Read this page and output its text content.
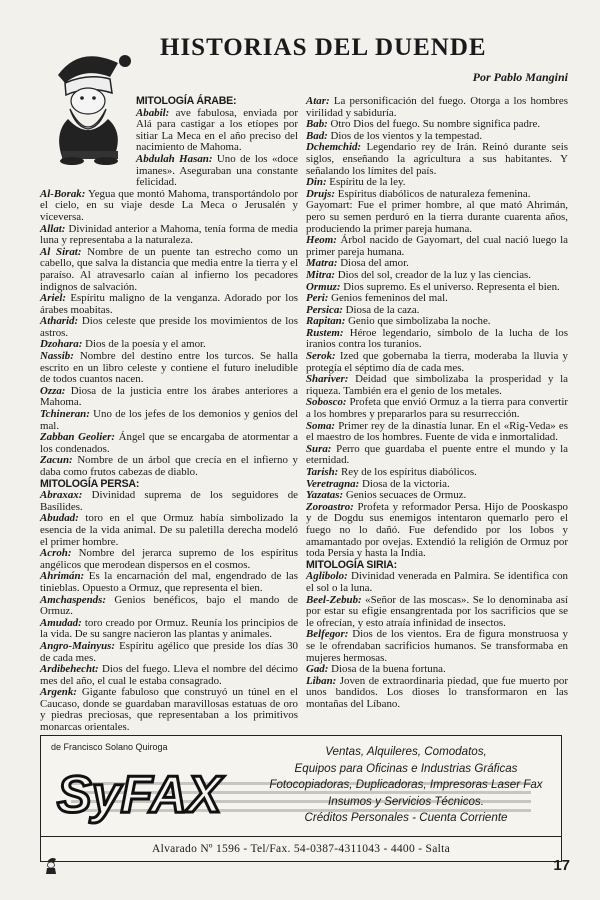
HISTORIAS DEL DUENDE
Por Pablo Mangini

MITOLOGÍA ÁRABE:

Ababil: ave fabulosa, enviada por Alá para castigar a los etíopes por sitiar La Meca en el año preciso del nacimiento de Mahoma.

Abdulah Hasan: Uno de los «doce imanes». Aseguraban una constante felicidad.

Al-Borak: Yegua que montó Mahoma, transportándolo por el cielo, en su viaje desde La Meca o Jerusalén y viceversa.

Allat: Divinidad anterior a Mahoma, tenía forma de media luna y representaba a la naturaleza.

Al Sirat: Nombre de un puente tan estrecho como un cabello, que salva la distancia que media entre la tierra y el paraíso. Al atravesarlo caían al infierno los pecadores indignos de salvación.

Ariel: Espíritu maligno de la venganza. Adorado por los árabes moabitas.

Atharid: Dios celeste que preside los movimientos de los astros.

Dzohara: Dios de la poesía y el amor.

Nassib: Nombre del destino entre los turcos. Se halla escrito en un libro celeste y contiene el futuro ineludible de todos cuantos nacen.

Ozza: Diosa de la justicia entre los árabes anteriores a Mahoma.

Tchineran: Uno de los jefes de los demonios y genios del mal.

Zabban Geolier: Ángel que se encargaba de atormentar a los condenados.

Zacun: Nombre de un árbol que crecía en el infierno y daba como frutos cabezas de diablo.

MITOLOGÍA PERSA:

Abraxax: Divinidad suprema de los seguidores de Basílides.

Abudad: toro en el que Ormuz había simbolizado la esencia de la vida animal. De su paletilla derecha modeló el primer hombre.

Acroh: Nombre del jerarca supremo de los espíritus angélicos que merodean dispersos en el cosmos.

Ahrimán: Es la encarnación del mal, engendrado de las tinieblas. Opuesto a Ormuz, que representa el bien.

Amchaspends: Genios benéficos, bajo el mando de Ormuz.

Amudad: toro creado por Ormuz. Reunía los principios de la vida. De su sangre nacieron las plantas y animales.

Angro-Mainyus: Espíritu agélico que preside los días 30 de cada mes.

Ardibehecht: Dios del fuego. Lleva el nombre del décimo mes del año, el cual le estaba consagrado.

Argenk: Gigante fabuloso que construyó un túnel en el Caucaso, donde se guardaban maravillosas estatuas de oro y piedras preciosas, que representaban a los primitivos monarcas orientales.

Atar: La personificación del fuego. Otorga a los hombres virilidad y sabiduría.

Bab: Otro Dios del fuego. Su nombre significa padre.

Bad: Dios de los vientos y la tempestad.

Dchemchid: Legendario rey de Irán. Reinó durante seis siglos, enseñando la agricultura a sus habitantes. Y señalando los límites del país.

Din: Espíritu de la ley.

Drujs: Espíritus diabólicos de naturaleza femenina.

Gayomart: Fue el primer hombre, al que mató Ahrimán, pero su semen perduró en la tierra durante cuarenta años, produciendo la primer pareja humana.

Heom: Árbol nacido de Gayomart, del cual nació luego la primer pareja humana.

Matra: Diosa del amor.

Mitra: Dios del sol, creador de la luz y las ciencias.

Ormuz: Dios supremo. Es el universo. Representa el bien.

Peri: Genios femeninos del mal.

Persica: Diosa de la caza.

Rapitan: Genio que simbolizaba la noche.

Rustem: Héroe legendario, símbolo de la lucha de los iranios contra los turanios.

Serok: Ized que gobernaba la tierra, moderaba la lluvia y protegía el séptimo día de cada mes.

Shariver: Deidad que simbolizaba la prosperidad y la riqueza. También era el genio de los metales.

Sobosco: Profeta que envió Ormuz a la tierra para convertir a los hombres y prepararlos para su resurrección.

Soma: Primer rey de la dinastía lunar. En el «Rig-Veda» es el maestro de los hombres. Fuente de vida e inmortalidad.

Sura: Perro que guardaba el puente entre el mundo y la eternidad.

Tarish: Rey de los espíritus diabólicos.

Veretragna: Diosa de la victoria.

Yazatas: Genios secuaces de Ormuz.

Zoroastro: Profeta y reformador Persa. Hijo de Pooskaspo y de Dogdu sus enemigos intentaron quemarlo pero el fuego no lo dañó. Fue defendido por los lobos y amamantado por ovejas. Extendió la religión de Ormuz por toda Persia y hasta la India.

MITOLOGÍA SIRIA:

Aglibolo: Divinidad venerada en Palmira. Se identifica con el sol o la luna.

Beel-Zebub: «Señor de las moscas». Se lo denominaba así por estar su efigie ensangrentada por los sacrificios que se le ofrecían, y esto atraía infinidad de insectos.

Belfegor: Dios de los vientos. Era de figura monstruosa y se le ofrendaban sacrificios humanos. Se transformaba en mujeres hermosas.

Gad: Diosa de la buena fortuna.

Liban: Joven de extraordinaria piedad, que fue muerto por unos bandidos. Los dioses lo transformaron en las montañas del Líbano.

de Francisco Solano Quiroga
SyFAX
Ventas, Alquileres, Comodatos,
Equipos para Oficinas e Industrias Gráficas
Fotocopiadoras, Duplicadoras, Impresoras Laser Fax
Insumos y Servicios Técnicos.
Créditos Personales - Cuenta Corriente
Alvarado Nº 1596 - Tel/Fax. 54-0387-4311043 - 4400 - Salta
17
